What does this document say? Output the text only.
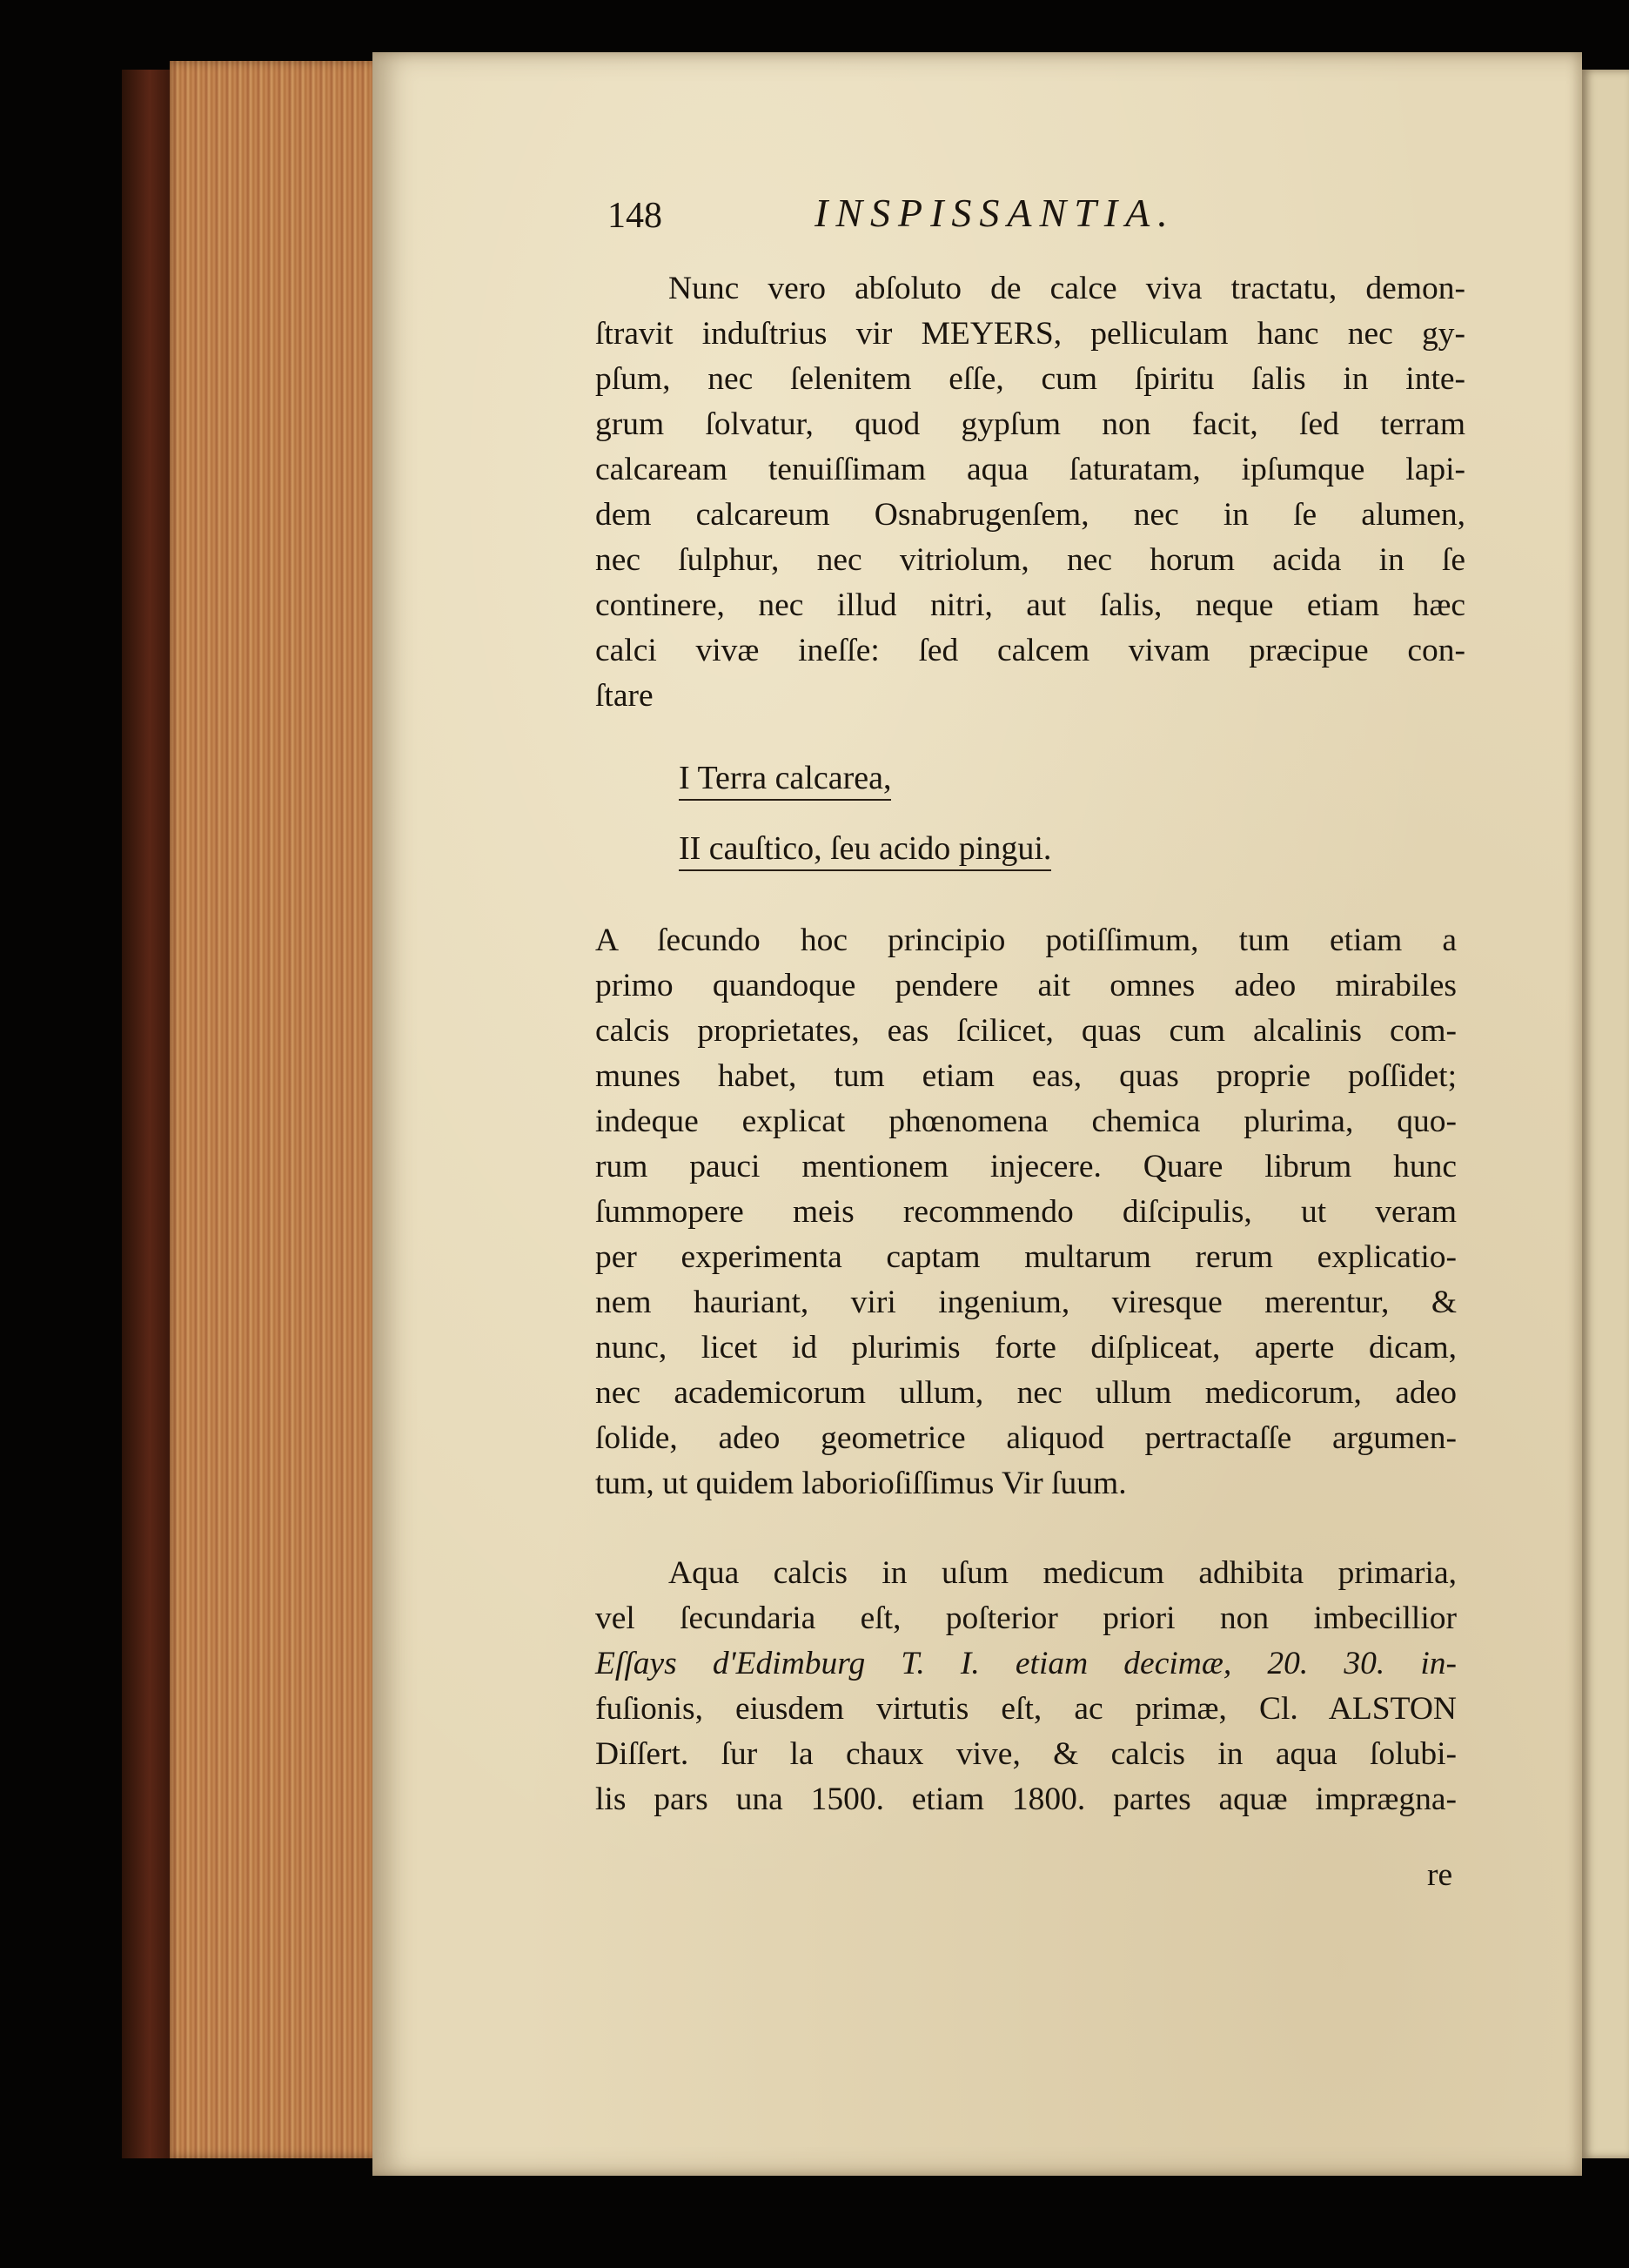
148	INSPISSANTIA.
Nunc vero abſoluto de calce viva tractatu, demon-
ſtravit induſtrius vir MEYERS, pelliculam hanc nec gy-
pſum, nec ſelenitem eſſe, cum ſpiritu ſalis in inte-
grum ſolvatur, quod gypſum non facit, ſed terram
calcaream tenuiſſimam aqua ſaturatam, ipſumque lapi-
dem calcareum Osnabrugenſem, nec in ſe alumen,
nec ſulphur, nec vitriolum, nec horum acida in ſe
continere, nec illud nitri, aut ſalis, neque etiam hæc
calci vivæ ineſſe: ſed calcem vivam præcipue con-
ſtare
I Terra calcarea,
II cauſtico, ſeu acido pingui.
A ſecundo hoc principio potiſſimum, tum etiam a
primo quandoque pendere ait omnes adeo mirabiles
calcis proprietates, eas ſcilicet, quas cum alcalinis com-
munes habet, tum etiam eas, quas proprie poſſidet;
indeque explicat phœnomena chemica plurima, quo-
rum pauci mentionem injecere. Quare librum hunc
ſummopere meis recommendo diſcipulis, ut veram
per experimenta captam multarum rerum explicatio-
nem hauriant, viri ingenium, viresque merentur, &
nunc, licet id plurimis forte diſpliceat, aperte dicam,
nec academicorum ullum, nec ullum medicorum, adeo
ſolide, adeo geometrice aliquod pertractaſſe argumen-
tum, ut quidem laborioſiſſimus Vir ſuum.
Aqua calcis in uſum medicum adhibita primaria,
vel ſecundaria eſt, poſterior priori non imbecillior
Eſſays d'Edimburg T. I. etiam decimæ, 20. 30. in-
fuſionis, eiusdem virtutis eſt, ac primæ, Cl. ALSTON
Diſſert. ſur la chaux vive, & calcis in aqua ſolubi-
lis pars una 1500. etiam 1800. partes aquæ imprægna-
re
